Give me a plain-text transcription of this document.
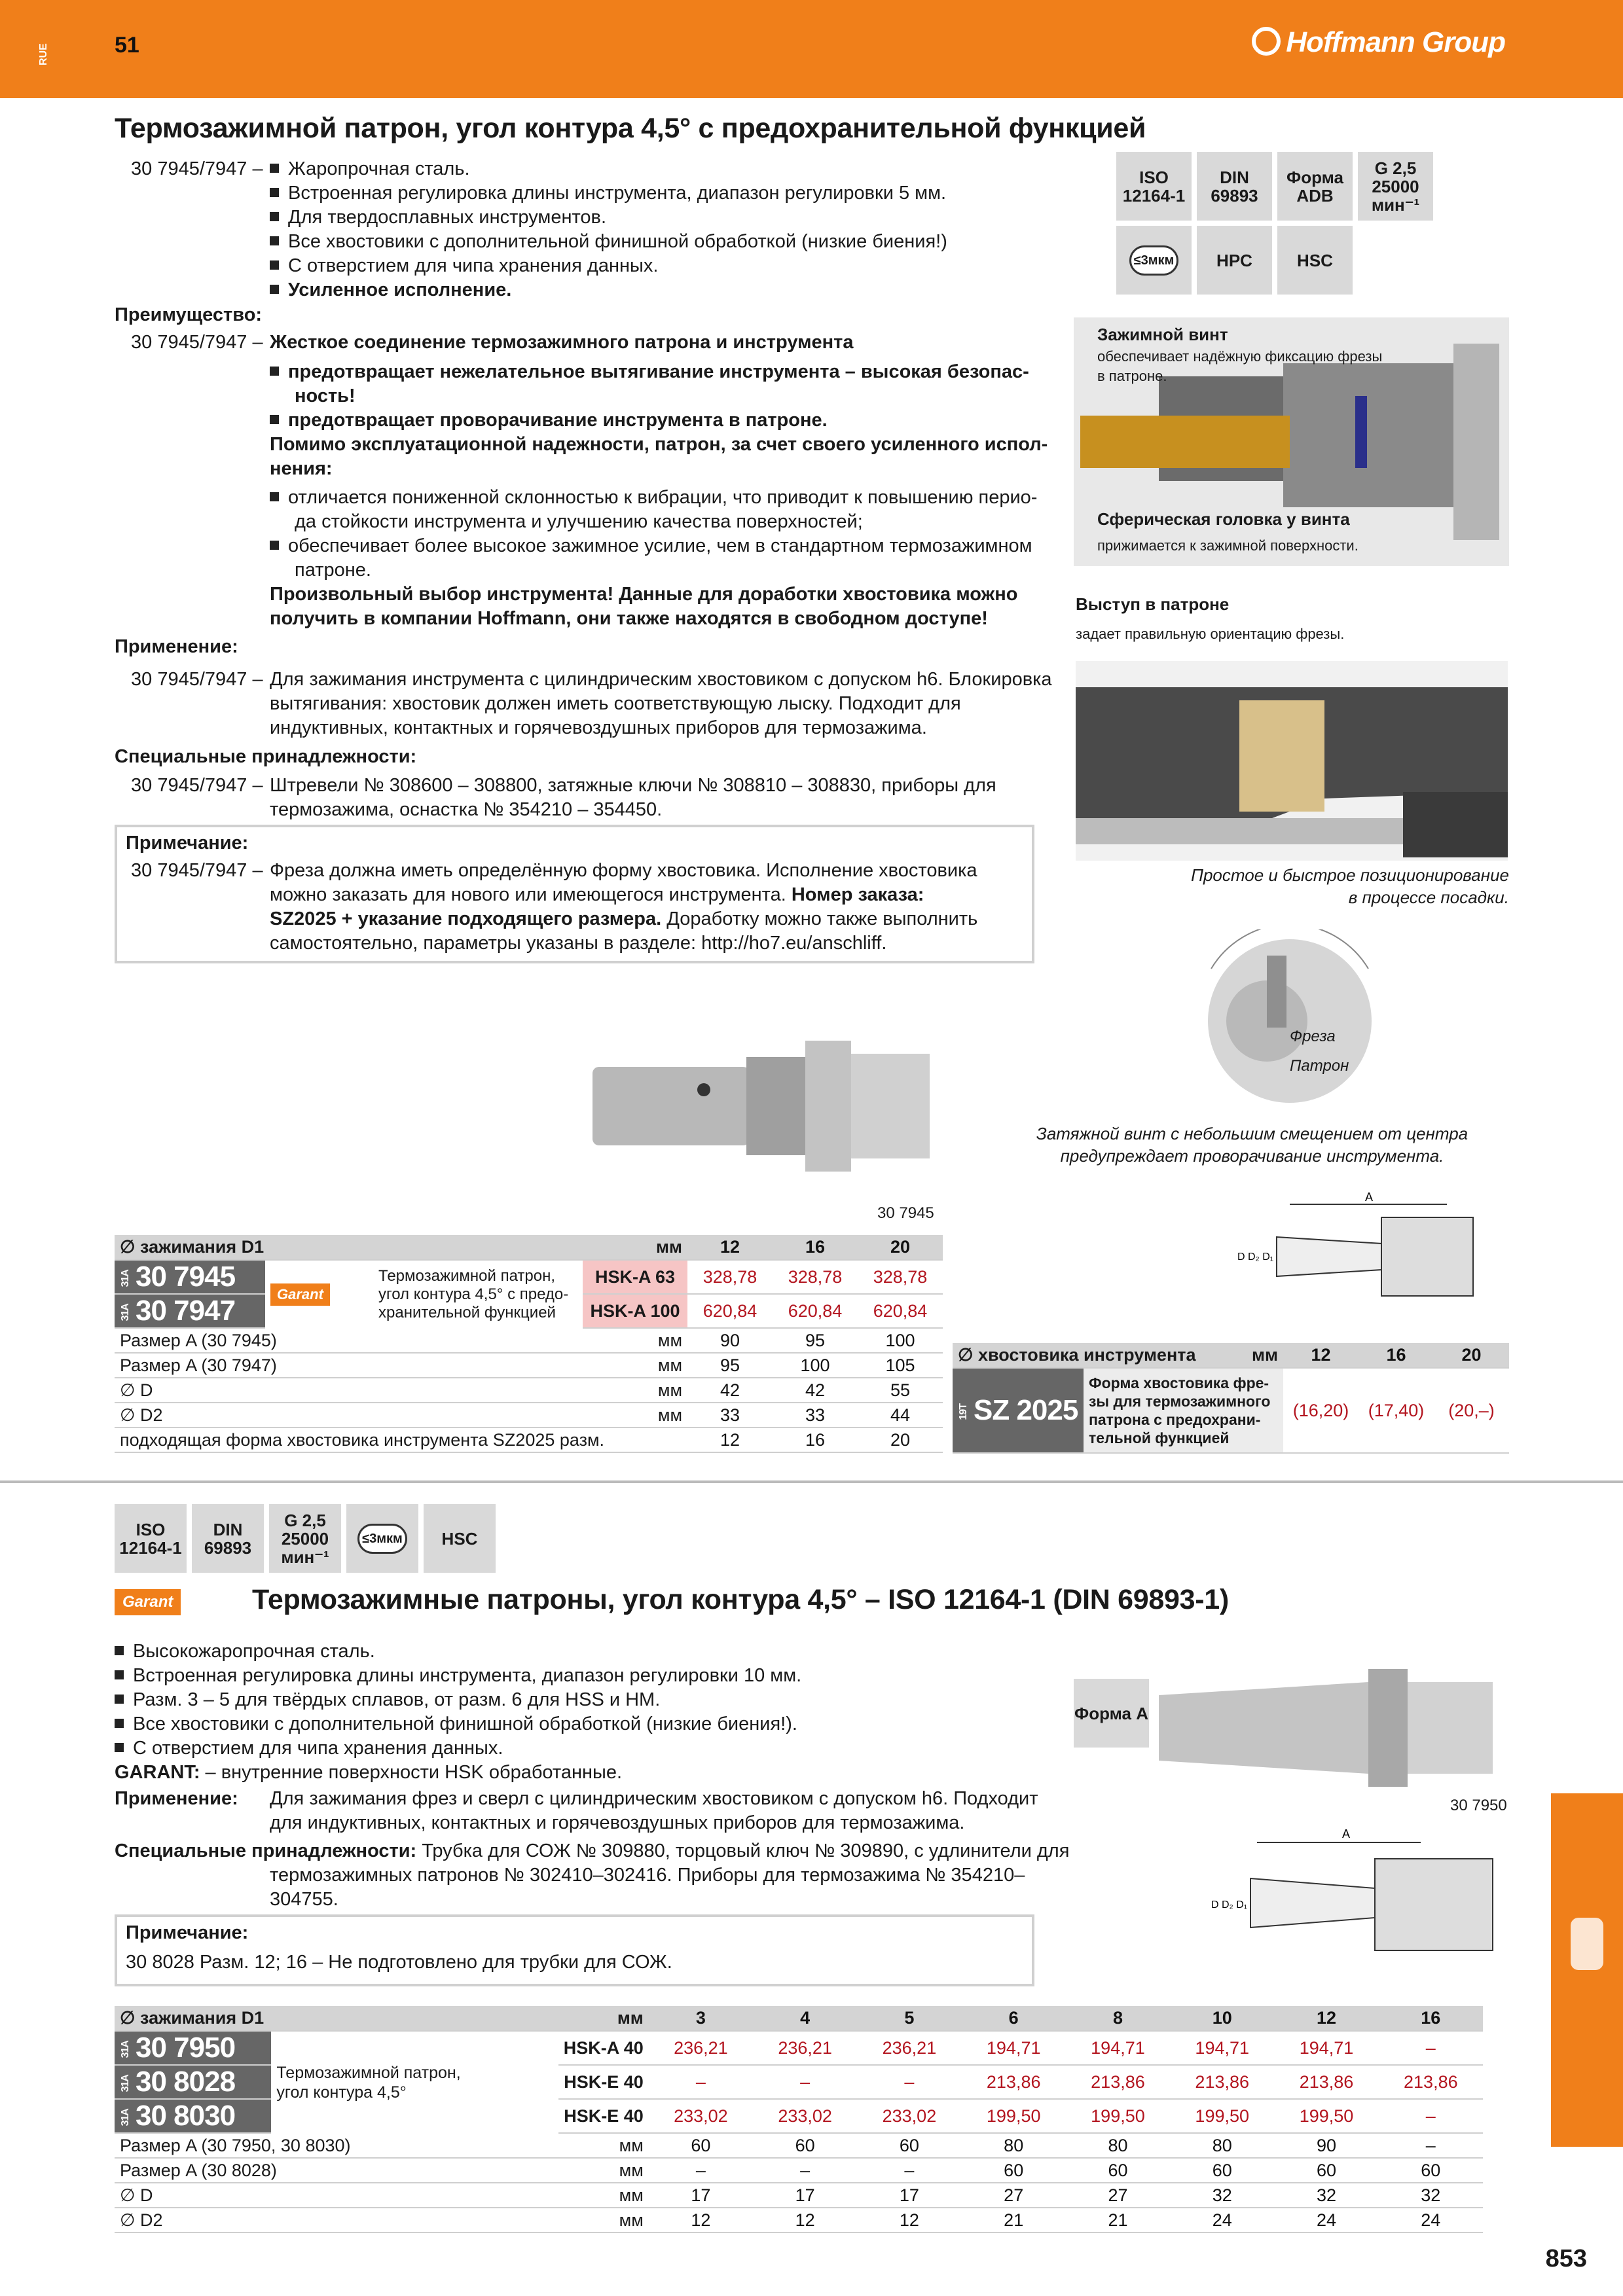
RUE	51	Hoffmann Group
Термозажимной патрон, угол контура 4,5° с предохранительной функцией
30 7945/7947 –	Жаропрочная сталь.
Встроенная регулировка длины инструмента, диапазон регулировки 5 мм.
Для твердосплавных инструментов.
Все хвостовики с дополнительной финишной обработкой (низкие биения!)
С отверстием для чипа хранения данных.
Усиленное исполнение.
Преимущество:
30 7945/7947 – Жесткое соединение термозажимного патрона и инструмента
предотвращает нежелательное вытягивание инструмента – высокая безопас-
ность!
предотвращает проворачивание инструмента в патроне.
Помимо эксплуатационной надежности, патрон, за счет своего усиленного испол-
нения:
отличается пониженной склонностью к вибрации, что приводит к повышению перио-
да стойкости инструмента и улучшению качества поверхностей;
обеспечивает более высокое зажимное усилие, чем в стандартном термозажимном
патроне.
Произвольный выбор инструмента! Данные для доработки хвостовика можно
получить в компании Hoffmann, они также находятся в свободном доступе!
Применение:
30 7945/7947 – Для зажимания инструмента с цилиндрическим хвостовиком с допуском h6. Блокировка
вытягивания: хвостовик должен иметь соответствующую лыску. Подходит для
индуктивных, контактных и горячевоздушных приборов для термозажима.
Специальные принадлежности:
30 7945/7947 – Штревели № 308600 – 308800, затяжные ключи № 308810 – 308830, приборы для
термозажима, оснастка № 354210 – 354450.
Примечание:
30 7945/7947 – Фреза должна иметь определённую форму хвостовика. Исполнение хвостовика
можно заказать для нового или имеющегося инструмента. Номер заказа:
SZ2025 + указание подходящего размера. Доработку можно также выполнить
самостоятельно, параметры указаны в разделе: http://ho7.eu/anschliff.
ISO 12164-1
DIN 69893
Форма ADB
G 2,5 25000 мин⁻¹
≤3мкм	HPC	HSC
Зажимной винт
обеспечивает надёжную фиксацию фрезы
в патроне.
Сферическая головка у винта
прижимается к зажимной поверхности.
Выступ в патроне
задает правильную ориентацию фрезы.
Простое и быстрое позиционирование
в процессе посадки.
Фреза
Патрон
Затяжной винт с небольшим смещением от центра
предупреждает проворачивание инструмента.
30 7945
A
D D₂ D₁
∅ зажимания D1			мм	12	16	20
31A 30 7945	Garant	Термозажимной патрон,
угол контура 4,5° с предо-
хранительной функцией	HSK-A 63	328,78	328,78	328,78
31A 30 7947			HSK-A 100	620,84	620,84	620,84
Размер A (30 7945)			мм	90	95	100
Размер A (30 7947)			мм	95	100	105
∅ D			мм	42	42	55
∅ D2			мм	33	33	44
подходящая форма хвостовика инструмента SZ2025 разм.				12	16	20
∅ хвостовика инструмента		мм	12	16	20
19T SZ 2025	Форма хвостовика фре-
зы для термозажимного
патрона с предохрани-
тельной функцией		(16,20)	(17,40)	(20,–)
ISO 12164-1
DIN 69893
G 2,5 25000 мин⁻¹
≤3мкм	HSC
Garant	Термозажимные патроны, угол контура 4,5° – ISO 12164-1 (DIN 69893-1)
Высокожаропрочная сталь.
Встроенная регулировка длины инструмента, диапазон регулировки 10 мм.
Разм. 3 – 5 для твёрдых сплавов, от разм. 6 для HSS и HM.
Все хвостовики с дополнительной финишной обработкой (низкие биения!).
С отверстием для чипа хранения данных.
GARANT: – внутренние поверхности HSK обработанные.
Применение: Для зажимания фрез и сверл с цилиндрическим хвостовиком с допуском h6. Подходит
для индуктивных, контактных и горячевоздушных приборов для термозажима.
Специальные принадлежности: Трубка для СОЖ № 309880, торцовый ключ № 309890, с удлинители для
термозажимных патронов № 302410–302416. Приборы для термозажима № 354210–
304755.
Примечание:
30 8028 Разм. 12; 16 – Не подготовлено для трубки для СОЖ.
Форма A
30 7950
A
D D₂ D₁
∅ зажимания D1		мм	3	4	5	6	8	10	12	16
31A 30 7950	Термозажимной патрон,
угол контура 4,5°	HSK-A 40	236,21	236,21	236,21	194,71	194,71	194,71	194,71	–
31A 30 8028		HSK-E 40	–	–	–	213,86	213,86	213,86	213,86	213,86
31A 30 8030		HSK-E 40	233,02	233,02	233,02	199,50	199,50	199,50	199,50	–
Размер A (30 7950, 30 8030)		мм	60	60	60	80	80	80	90	–
Размер A (30 8028)		мм	–	–	–	60	60	60	60	60
∅ D		мм	17	17	17	27	27	32	32	32
∅ D2		мм	12	12	12	21	21	24	24	24
853
